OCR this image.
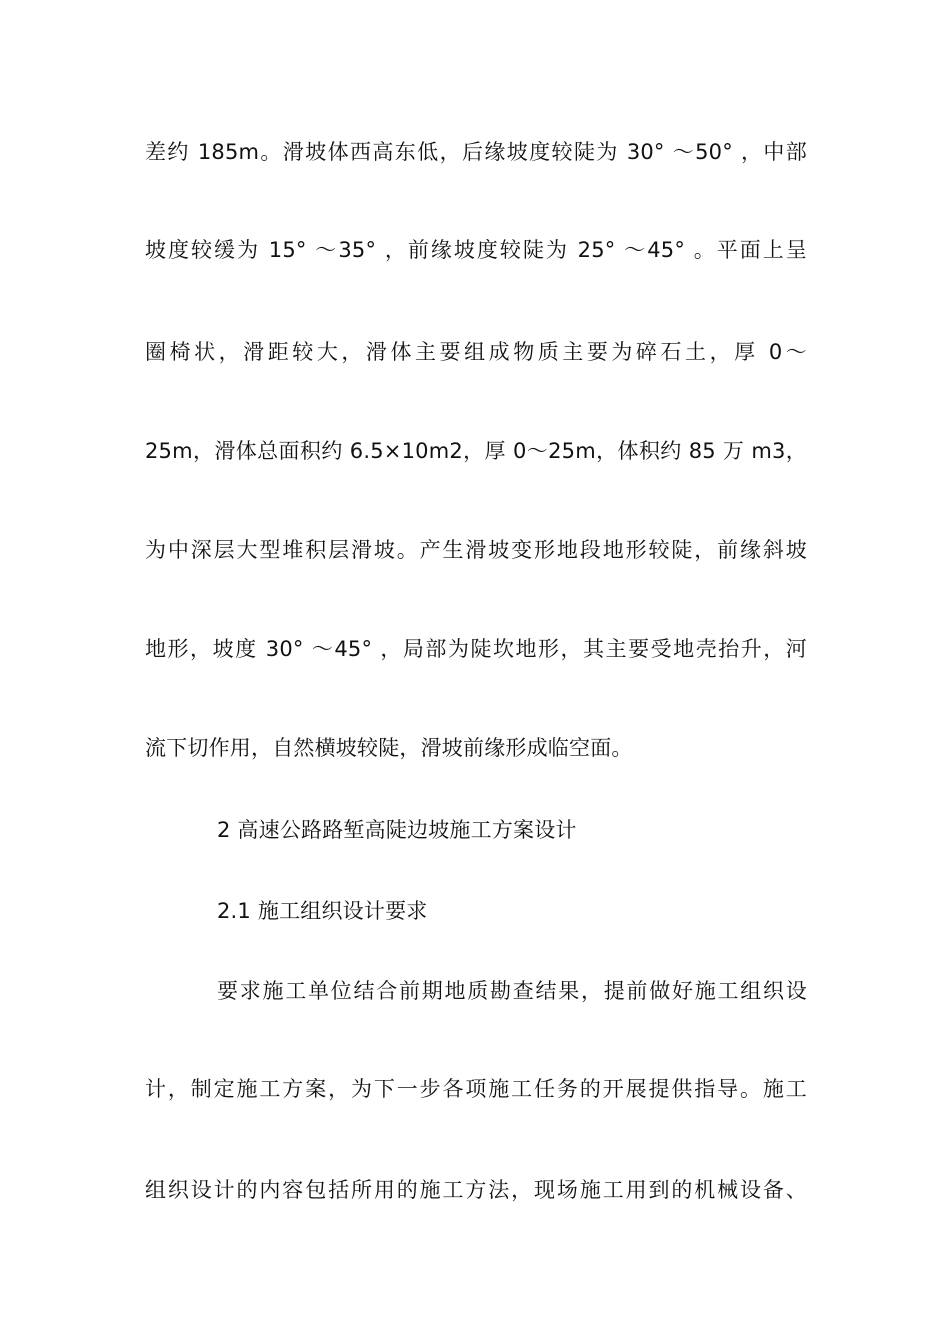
差约 185m。滑坡体西高东低，后缘坡度较陡为 30° ～50° ，中部
坡度较缓为 15° ～35° ，前缘坡度较陡为 25° ～45° 。平面上呈
圈椅状，滑距较大，滑体主要组成物质主要为碎石土，厚 0～
25m，滑体总面积约 6.5×10m2，厚 0～25m，体积约 85 万 m3，
为中深层大型堆积层滑坡。产生滑坡变形地段地形较陡，前缘斜坡
地形，坡度 30° ～45° ，局部为陡坎地形，其主要受地壳抬升，河
流下切作用，自然横坡较陡，滑坡前缘形成临空面。
2 高速公路路堑高陡边坡施工方案设计
2.1 施工组织设计要求
要求施工单位结合前期地质勘查结果，提前做好施工组织设
计，制定施工方案，为下一步各项施工任务的开展提供指导。施工
组织设计的内容包括所用的施工方法，现场施工用到的机械设备、
